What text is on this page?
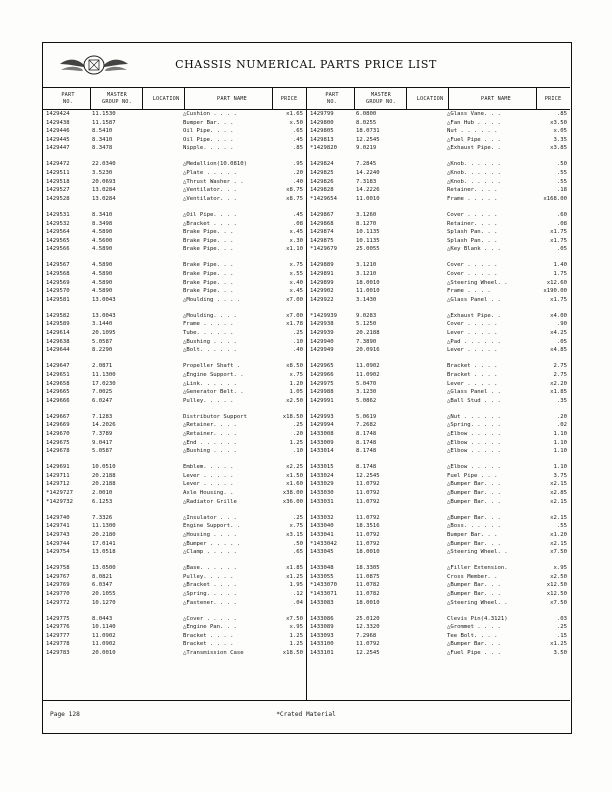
CHASSIS NUMERICAL PARTS PRICE LIST
PART
NO.
MASTER
GROUP NO.	LOCATION	PART NAME	PRICE
PART
NO.
MASTER
GROUP NO.	LOCATION	PART NAME	PRICE
1429424	11.1530	△Cushion . . . .	x1.65
1429438	11.1587	Bumper Bar. . .	x.50
1429446	8.5410	Oil Pipe. . . .	.65
1429445	8.3410	Oil Pipe. . . .	.45
1429447	8.3478	Nipple. . . . .	.85
1429472	22.0340	△Medallion(10.0810)	.95
1429511	3.5230	△Plate . . . . .	.20
1429518	20.0693	△Thrust Washer . .	.40
1429527	13.0284	△Ventilator. . .	x8.75
1429528	13.0284	△Ventilator. . .	x8.75
1429531	8.3410	△Oil Pipe. . . .	.45
1429532	8.3498	△Bracket . . . .	.08
1429564	4.5890	Brake Pipe. . .	x.45
1429565	4.5600	Brake Pipe. . .	x.30
1429566	4.5890	Brake Pipe. . .	x1.10
1429567	4.5890	Brake Pipe. . .	x.75
1429568	4.5890	Brake Pipe. . .	x.55
1429569	4.5890	Brake Pipe. . .	x.40
1429570	4.5890	Brake Pipe. . .	x.45
1429581	13.0043	△Moulding . . . .	x7.00
1429582	13.0043	△Moulding. . . .	x7.00
1429589	3.1440	Frame . . . . .	x1.78
1429614	20.1095	Tube. . . . . .	.25
1429638	5.0587	△Bushing . . . .	.10
1429644	8.2290	△Bolt. . . . . .	.40
1429647	2.0871	Propeller Shaft .	x8.50
1429651	11.1300	△Engine Support. .	x.75
1429658	17.0230	△Link. . . . . .	1.20
1429665	7.0025	△Generator Belt. .	1.05
1429666	6.0247	Pulley. . . . .	x2.50
1429667	7.1283	Distributor Support	x18.50
1429669	14.2026	△Retainer. . . .	.25
1429670	7.3789	△Retainer. . . .	.20
1429675	9.0417	△End . . . . . .	1.25
1429678	5.0587	△Bushing . . . .	.10
1429691	10.0510	Emblem. . . . .	x2.25
1429711	20.2188	Lever . . . . .	x1.50
1429712	20.2188	Lever . . . . .	x1.60
*1429727	2.0010	Axle Housing. .	x38.00
*1429732	6.1253	△Radiator Grille	x36.00
1429740	7.3326	△Insulator . . .	.25
1429741	11.1300	Engine Support. .	x.75
1429743	20.2180	△Housing . . . .	x3.15
1429744	17.0141	△Bumper . . . . .	.50
1429754	13.0518	△Clamp . . . . .	.65
1429758	13.0500	△Base. . . . . .	x1.85
1429767	8.0821	Pulley. . . . .	x1.25
1429769	6.0347	△Bracket . . . .	1.95
1429770	20.1055	△Spring. . . . .	.12
1429772	10.1270	△Fastener. . . .	.04
1429775	8.0443	△Cover . . . . .	x7.50
1429776	10.1140	△Engine Pan. . .	x.95
1429777	11.0902	Bracket . . . .	1.25
1429778	11.0902	Bracket . . . .	1.25
1429783	20.0010	△Transmission Case	x18.50
1429799	6.0800	△Glass Vane. . .	.85
1429800	8.0255	△Fan Hub . . . .	x3.50
1429805	18.0731	Nut . . . . . .	x.05
1429813	12.2545	△Fuel Pipe . . .	3.35
*1429820	9.0219	△Exhaust Pipe. .	x3.85
1429824	7.2845	△Knob. . . . . .	.50
1429825	14.2240	△Knob. . . . . .	.55
1429826	7.3183	△Knob. . . . . .	.55
1429828	14.2226	Retainer. . . .	.18
*1429654	11.0010	Frame . . . . .	x168.00
1429867	3.1260	Cover . . . . .	.60
1429868	8.1270	Retainer. . . .	.08
1429874	10.1135	Splash Pan. . .	x1.75
1429875	10.1135	Splash Pan. . .	x1.75
*1429679	25.0055	△Key Blank . . .	.05
1429889	3.1210	Cover . . . . .	1.40
1429891	3.1210	Cover . . . . .	1.75
1429899	18.0010	△Steering Wheel. .	x12.60
1429902	11.0010	Frame . . . .	x190.00
1429922	3.1430	△Glass Panel . .	x1.75
*1429939	9.0283	△Exhaust Pipe. .	x4.00
1429938	5.1250	Cover . . . . .	.90
1429939	20.2188	Lever . . . . .	x4.25
1429940	7.3890	△Pad . . . . . .	.05
1429949	20.0916	Lever . . . . .	x4.85
1429965	11.0902	Bracket . . . .	2.75
1429966	11.0902	Bracket . . . .	2.75
1429975	5.0470	Lever . . . . .	x2.20
1429988	3.1230	△Glass Panel . .	x1.85
1429991	5.0862	△Ball Stud . . .	.35
1429993	5.0619	△Nut . . . . . .	.20
1429994	7.2682	△Spring. . . . .	.02
1433008	8.1748	△Elbow . . . . .	1.10
1433009	8.1748	△Elbow . . . . .	1.10
1433014	8.1748	△Elbow . . . . .	1.10
1433015	8.1748	△Elbow . . . . .	1.10
1433024	12.2545	Fuel Pipe . . .	3.75
1433029	11.0792	△Bumper Bar. . .	x2.15
1433030	11.0792	△Bumper Bar. . .	x2.85
1433031	11.0792	△Bumper Bar. . .	x2.15
1433032	11.0792	△Bumper Bar. . .	x2.15
1433040	18.3516	△Boss. . . . . .	.55
1433041	11.0792	Bumper Bar. . .	x1.20
*1433042	11.0792	△Bumper Bar. . .	x2.15
1433045	18.0010	△Steering Wheel. .	x7.50
1433048	18.3305	△Filler Extension.	x.95
1433055	11.0875	Cross Member. .	x2.50
*1433070	11.0782	△Bumper Bar. . .	x12.50
*1433071	11.0782	△Bumper Bar. . .	x12.50
1433083	18.0010	△Steering Wheel. .	x7.50
1433086	25.0120	Clevis Pin(4.3121)	.03
1433089	12.3320	△Grommet . . . .	.25
1433093	7.2968	Tee Bolt. . . .	.15
1433100	11.0792	△Bumper Bar. . .	x1.25
1433101	12.2545	△Fuel Pipe . . .	3.50
Page 128	*Crated Material
